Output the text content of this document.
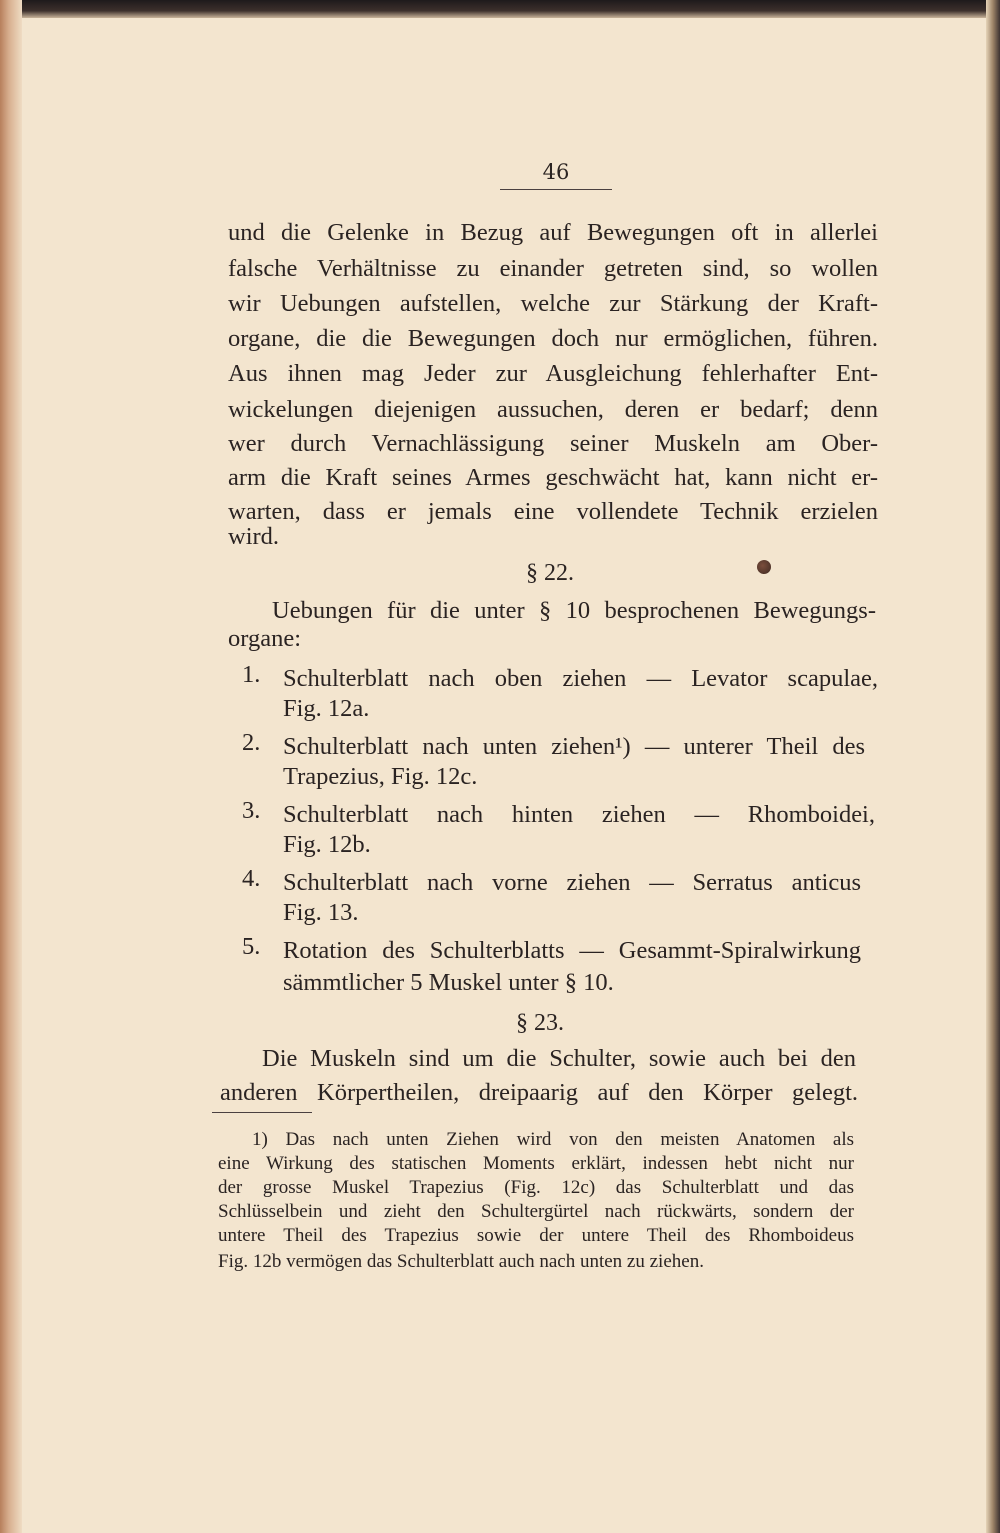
46
und die Gelenke in Bezug auf Bewegungen oft in allerlei
falsche Verhältnisse zu einander getreten sind, so wollen
wir Uebungen aufstellen, welche zur Stärkung der Kraft-
organe, die die Bewegungen doch nur ermöglichen, führen.
Aus ihnen mag Jeder zur Ausgleichung fehlerhafter Ent-
wickelungen diejenigen aussuchen, deren er bedarf; denn
wer durch Vernachlässigung seiner Muskeln am Ober-
arm die Kraft seines Armes geschwächt hat, kann nicht er-
warten, dass er jemals eine vollendete Technik erzielen
wird.
§ 22.
Uebungen für die unter § 10 besprochenen Bewegungs-
organe:
1. Schulterblatt nach oben ziehen — Levator scapulae,
Fig. 12a.
2. Schulterblatt nach unten ziehen¹) — unterer Theil des
Trapezius, Fig. 12c.
3. Schulterblatt nach hinten ziehen — Rhomboidei,
Fig. 12b.
4. Schulterblatt nach vorne ziehen — Serratus anticus
Fig. 13.
5. Rotation des Schulterblatts — Gesammt-Spiralwirkung
sämmtlicher 5 Muskel unter § 10.
§ 23.
Die Muskeln sind um die Schulter, sowie auch bei den
anderen Körpertheilen, dreipaarig auf den Körper gelegt.
1) Das nach unten Ziehen wird von den meisten Anatomen als
eine Wirkung des statischen Moments erklärt, indessen hebt nicht nur
der grosse Muskel Trapezius (Fig. 12c) das Schulterblatt und das
Schlüsselbein und zieht den Schultergürtel nach rückwärts, sondern der
untere Theil des Trapezius sowie der untere Theil des Rhomboideus
Fig. 12b vermögen das Schulterblatt auch nach unten zu ziehen.
